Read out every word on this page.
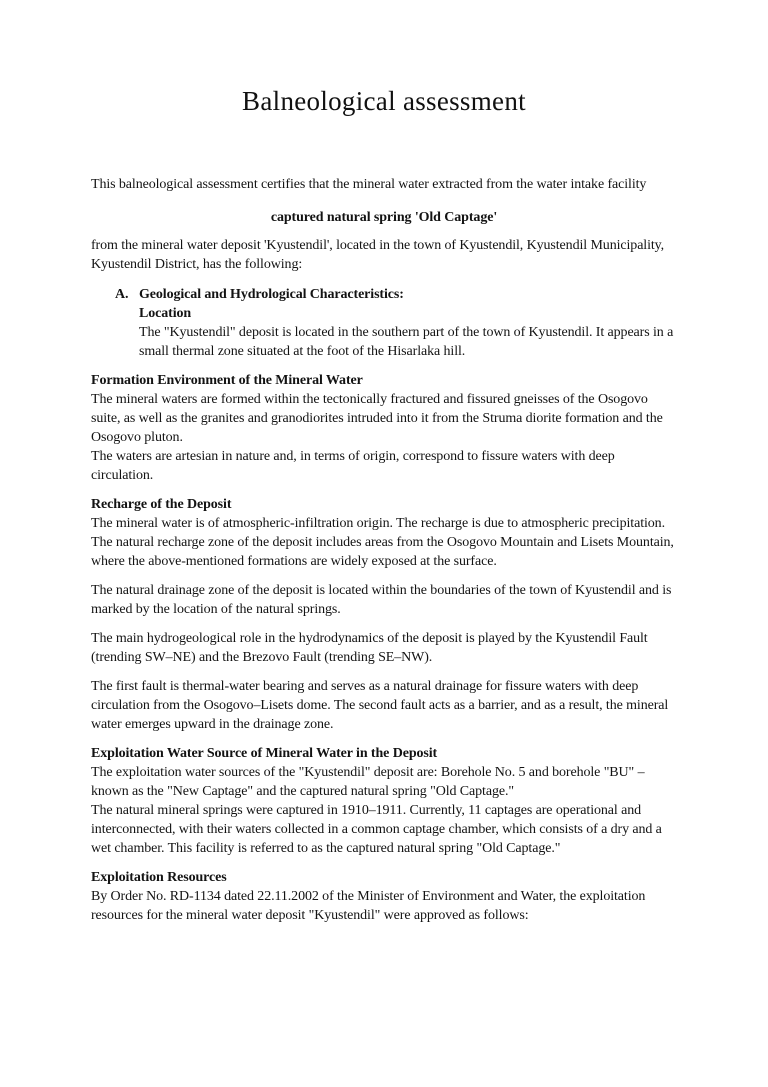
Balneological assessment

This balneological assessment certifies that the mineral water extracted from the water intake facility

captured natural spring 'Old Captage'

from the mineral water deposit 'Kyustendil', located in the town of Kyustendil, Kyustendil Municipality, Kyustendil District, has the following:

A. Geological and Hydrological Characteristics:
Location
The "Kyustendil" deposit is located in the southern part of the town of Kyustendil. It appears in a small thermal zone situated at the foot of the Hisarlaka hill.
Formation Environment of the Mineral Water

The mineral waters are formed within the tectonically fractured and fissured gneisses of the Osogovo suite, as well as the granites and granodiorites intruded into it from the Struma diorite formation and the Osogovo pluton.

The waters are artesian in nature and, in terms of origin, correspond to fissure waters with deep circulation.

Recharge of the Deposit

The mineral water is of atmospheric-infiltration origin. The recharge is due to atmospheric precipitation.

The natural recharge zone of the deposit includes areas from the Osogovo Mountain and Lisets Mountain, where the above-mentioned formations are widely exposed at the surface.

The natural drainage zone of the deposit is located within the boundaries of the town of Kyustendil and is marked by the location of the natural springs.

The main hydrogeological role in the hydrodynamics of the deposit is played by the Kyustendil Fault (trending SW–NE) and the Brezovo Fault (trending SE–NW).

The first fault is thermal-water bearing and serves as a natural drainage for fissure waters with deep circulation from the Osogovo–Lisets dome. The second fault acts as a barrier, and as a result, the mineral water emerges upward in the drainage zone.

Exploitation Water Source of Mineral Water in the Deposit

The exploitation water sources of the "Kyustendil" deposit are: Borehole No. 5 and borehole "BU" – known as the "New Captage" and the captured natural spring "Old Captage."

The natural mineral springs were captured in 1910–1911. Currently, 11 captages are operational and interconnected, with their waters collected in a common captage chamber, which consists of a dry and a wet chamber. This facility is referred to as the captured natural spring "Old Captage."

Exploitation Resources

By Order No. RD-1134 dated 22.11.2002 of the Minister of Environment and Water, the exploitation resources for the mineral water deposit "Kyustendil" were approved as follows:
